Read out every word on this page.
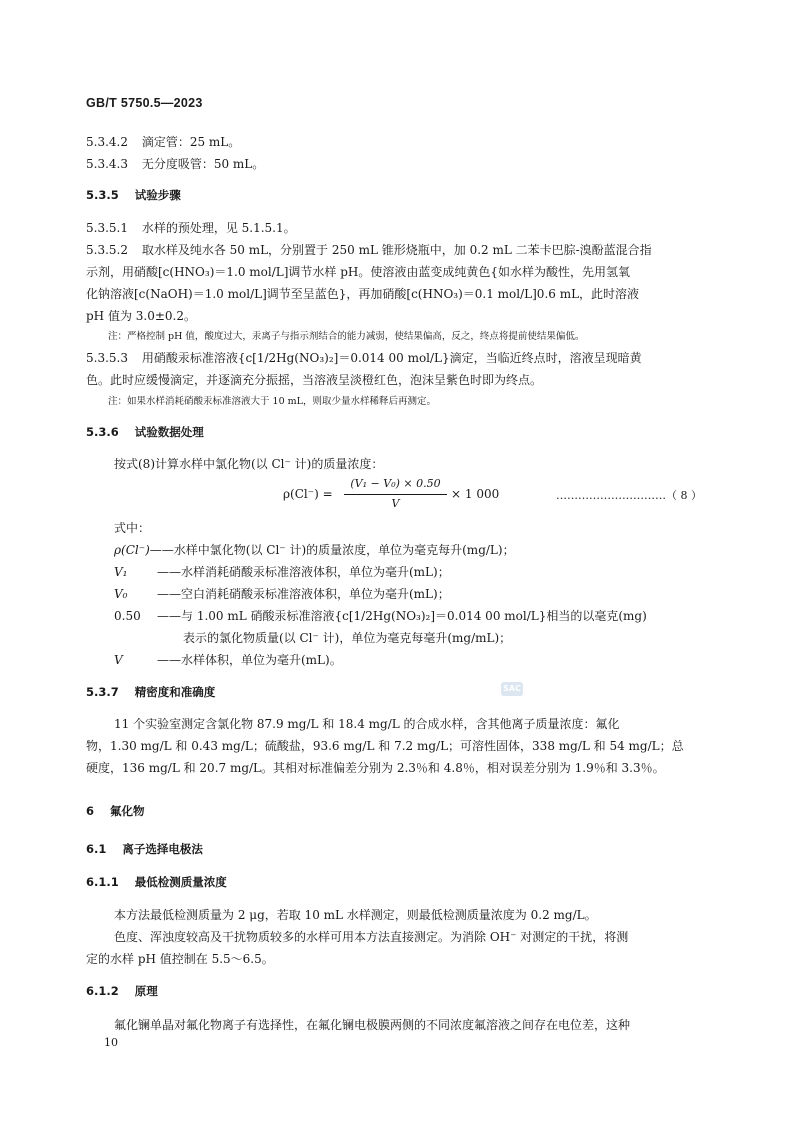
GB/T 5750.5—2023
5.3.4.2 滴定管：25 mL。
5.3.4.3 无分度吸管：50 mL。
5.3.5 试验步骤
5.3.5.1 水样的预处理，见 5.1.5.1。
5.3.5.2 取水样及纯水各 50 mL，分别置于 250 mL 锥形烧瓶中，加 0.2 mL 二苯卡巴腙-溴酚蓝混合指
示剂，用硝酸[c(HNO₃)＝1.0 mol/L]调节水样 pH。使溶液由蓝变成纯黄色{如水样为酸性，先用氢氧
化钠溶液[c(NaOH)＝1.0 mol/L]调节至呈蓝色}，再加硝酸[c(HNO₃)＝0.1 mol/L]0.6 mL，此时溶液
pH 值为 3.0±0.2。
注：严格控制 pH 值，酸度过大，汞离子与指示剂结合的能力减弱，使结果偏高，反之，终点将提前使结果偏低。
5.3.5.3 用硝酸汞标准溶液{c[1/2Hg(NO₃)₂]＝0.014 00 mol/L}滴定，当临近终点时，溶液呈现暗黄
色。此时应缓慢滴定，并逐滴充分振摇，当溶液呈淡橙红色，泡沫呈紫色时即为终点。
注：如果水样消耗硝酸汞标准溶液大于 10 mL，则取少量水样稀释后再测定。
5.3.6 试验数据处理
按式(8)计算水样中氯化物(以 Cl⁻ 计)的质量浓度：
ρ(Cl⁻) =
(V₁ − V₀) × 0.50
V
× 1 000	…………………………（ 8 ）
式中：
ρ(Cl⁻)——水样中氯化物(以 Cl⁻ 计)的质量浓度，单位为毫克每升(mg/L)；
V₁ ——水样消耗硝酸汞标准溶液体积，单位为毫升(mL)；
V₀ ——空白消耗硝酸汞标准溶液体积，单位为毫升(mL)；
0.50 ——与 1.00 mL 硝酸汞标准溶液{c[1/2Hg(NO₃)₂]＝0.014 00 mol/L}相当的以毫克(mg)
表示的氯化物质量(以 Cl⁻ 计)，单位为毫克每毫升(mg/mL)；
V	——水样体积，单位为毫升(mL)。
5.3.7 精密度和准确度	SAC
11 个实验室测定含氯化物 87.9 mg/L 和 18.4 mg/L 的合成水样，含其他离子质量浓度：氟化
物，1.30 mg/L 和 0.43 mg/L；硫酸盐，93.6 mg/L 和 7.2 mg/L；可溶性固体，338 mg/L 和 54 mg/L；总
硬度，136 mg/L 和 20.7 mg/L。其相对标准偏差分别为 2.3％和 4.8％，相对误差分别为 1.9％和 3.3％。
6 氟化物
6.1 离子选择电极法
6.1.1 最低检测质量浓度
本方法最低检测质量为 2 μg，若取 10 mL 水样测定，则最低检测质量浓度为 0.2 mg/L。
色度、浑浊度较高及干扰物质较多的水样可用本方法直接测定。为消除 OH⁻ 对测定的干扰，将测
定的水样 pH 值控制在 5.5～6.5。
6.1.2 原理
氟化镧单晶对氟化物离子有选择性，在氟化镧电极膜两侧的不同浓度氟溶液之间存在电位差，这种
10
